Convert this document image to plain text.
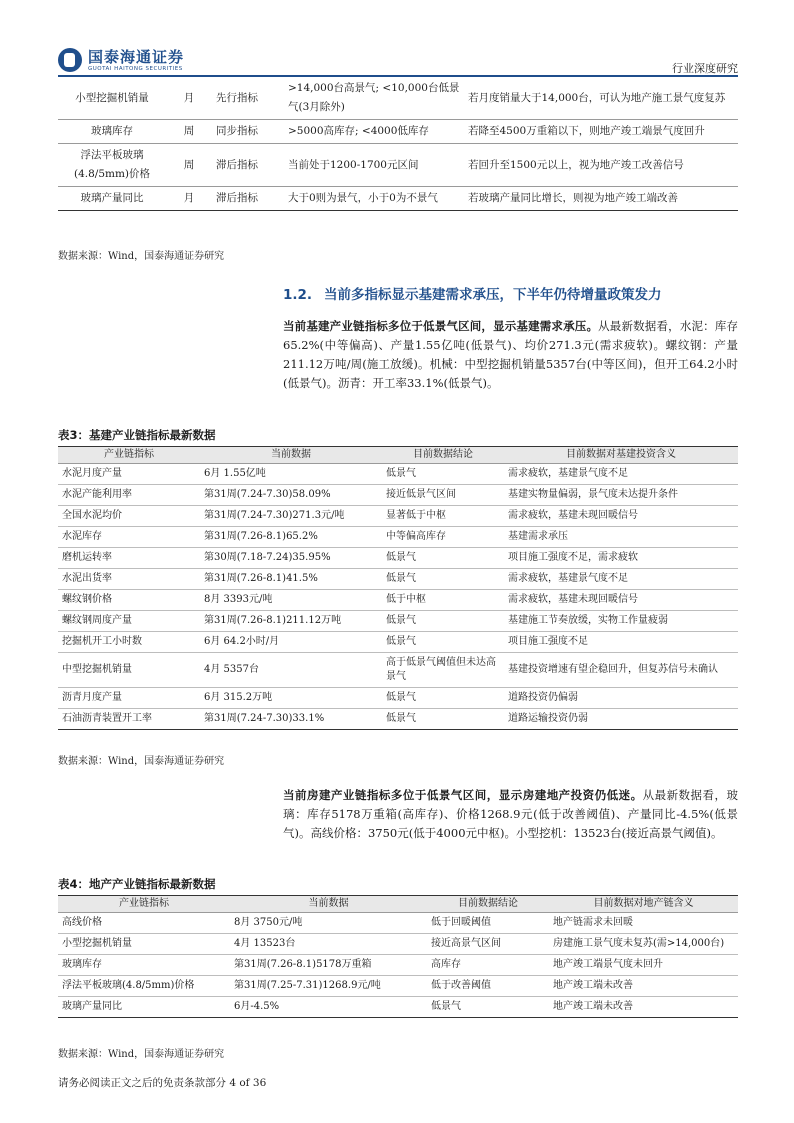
国泰海通证券
GUOTAI HAITONG SECURITIES	行业深度研究
小型挖掘机销量	月	先行指标	>14,000台高景气; <10,000台低景气(3月除外)	若月度销量大于14,000台，可认为地产施工景气度复苏
玻璃库存	周	同步指标	>5000高库存; <4000低库存	若降至4500万重箱以下，则地产竣工端景气度回升
浮法平板玻璃(4.8/5mm)价格	周	滞后指标	当前处于1200-1700元区间	若回升至1500元以上，视为地产竣工改善信号
玻璃产量同比	月	滞后指标	大于0则为景气，小于0为不景气	若玻璃产量同比增长，则视为地产竣工端改善
数据来源：Wind，国泰海通证券研究
1.2. 当前多指标显示基建需求承压，下半年仍待增量政策发力
当前基建产业链指标多位于低景气区间，显示基建需求承压。从最新数据看，水泥：库存65.2%(中等偏高)、产量1.55亿吨(低景气)、均价271.3元(需求疲软)。螺纹钢：产量211.12万吨/周(施工放缓)。机械：中型挖掘机销量5357台(中等区间)，但开工64.2小时(低景气)。沥青：开工率33.1%(低景气)。
表3：基建产业链指标最新数据
产业链指标	当前数据	目前数据结论	目前数据对基建投资含义
水泥月度产量	6月 1.55亿吨	低景气	需求疲软，基建景气度不足
水泥产能利用率	第31周(7.24-7.30)58.09%	接近低景气区间	基建实物量偏弱，景气度未达提升条件
全国水泥均价	第31周(7.24-7.30)271.3元/吨	显著低于中枢	需求疲软，基建未现回暖信号
水泥库存	第31周(7.26-8.1)65.2%	中等偏高库存	基建需求承压
磨机运转率	第30周(7.18-7.24)35.95%	低景气	项目施工强度不足，需求疲软
水泥出货率	第31周(7.26-8.1)41.5%	低景气	需求疲软，基建景气度不足
螺纹钢价格	8月 3393元/吨	低于中枢	需求疲软，基建未现回暖信号
螺纹钢周度产量	第31周(7.26-8.1)211.12万吨	低景气	基建施工节奏放缓，实物工作量疲弱
挖掘机开工小时数	6月 64.2小时/月	低景气	项目施工强度不足
中型挖掘机销量	4月 5357台	高于低景气阈值但未达高景气	基建投资增速有望企稳回升，但复苏信号未确认
沥青月度产量	6月 315.2万吨	低景气	道路投资仍偏弱
石油沥青装置开工率	第31周(7.24-7.30)33.1%	低景气	道路运输投资仍弱
数据来源：Wind，国泰海通证券研究
当前房建产业链指标多位于低景气区间，显示房建地产投资仍低迷。从最新数据看，玻璃：库存5178万重箱(高库存)、价格1268.9元(低于改善阈值)、产量同比-4.5%(低景气)。高线价格：3750元(低于4000元中枢)。小型挖机：13523台(接近高景气阈值)。
表4：地产产业链指标最新数据
产业链指标	当前数据	目前数据结论	目前数据对地产链含义
高线价格	8月 3750元/吨	低于回暖阈值	地产链需求未回暖
小型挖掘机销量	4月 13523台	接近高景气区间	房建施工景气度未复苏(需>14,000台)
玻璃库存	第31周(7.26-8.1)5178万重箱	高库存	地产竣工端景气度未回升
浮法平板玻璃(4.8/5mm)价格	第31周(7.25-7.31)1268.9元/吨	低于改善阈值	地产竣工端未改善
玻璃产量同比	6月-4.5%	低景气	地产竣工端未改善
数据来源：Wind，国泰海通证券研究
请务必阅读正文之后的免责条款部分 4 of 36
